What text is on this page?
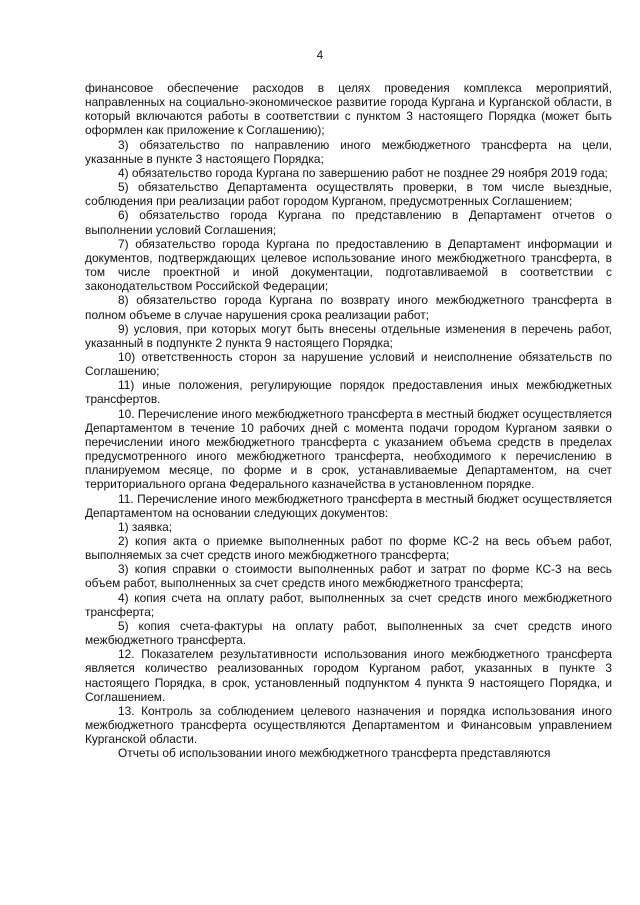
4

финансовое обеспечение расходов в целях проведения комплекса мероприятий, направленных на социально-экономическое развитие города Кургана и Курганской области, в который включаются работы в соответствии с пунктом 3 настоящего Порядка (может быть оформлен как приложение к Соглашению);

3) обязательство по направлению иного межбюджетного трансферта на цели, указанные в пункте 3 настоящего Порядка;

4) обязательство города Кургана по завершению работ не позднее 29 ноября 2019 года;

5) обязательство Департамента осуществлять проверки, в том числе выездные, соблюдения при реализации работ городом Курганом, предусмотренных Соглашением;

6) обязательство города Кургана по представлению в Департамент отчетов о выполнении условий Соглашения;

7) обязательство города Кургана по предоставлению в Департамент информации и документов, подтверждающих целевое использование иного межбюджетного трансферта, в том числе проектной и иной документации, подготавливаемой в соответствии с законодательством Российской Федерации;

8) обязательство города Кургана по возврату иного межбюджетного трансферта в полном объеме в случае нарушения срока реализации работ;

9) условия, при которых могут быть внесены отдельные изменения в перечень работ, указанный в подпункте 2 пункта 9 настоящего Порядка;

10) ответственность сторон за нарушение условий и неисполнение обязательств по Соглашению;

11) иные положения, регулирующие порядок предоставления иных межбюджетных трансфертов.

10. Перечисление иного межбюджетного трансферта в местный бюджет осуществляется Департаментом в течение 10 рабочих дней с момента подачи городом Курганом заявки о перечислении иного межбюджетного трансферта с указанием объема средств в пределах предусмотренного иного межбюджетного трансферта, необходимого к перечислению в планируемом месяце, по форме и в срок, устанавливаемые Департаментом, на счет территориального органа Федерального казначейства в установленном порядке.

11. Перечисление иного межбюджетного трансферта в местный бюджет осуществляется Департаментом на основании следующих документов:

1) заявка;

2) копия акта о приемке выполненных работ по форме КС-2 на весь объем работ, выполняемых за счет средств иного межбюджетного трансферта;

3) копия справки о стоимости выполненных работ и затрат по форме КС-3 на весь объем работ, выполненных за счет средств иного межбюджетного трансферта;

4) копия счета на оплату работ, выполненных за счет средств иного межбюджетного трансферта;

5) копия счета-фактуры на оплату работ, выполненных за счет средств иного межбюджетного трансферта.

12. Показателем результативности использования иного межбюджетного трансферта является количество реализованных городом Курганом работ, указанных в пункте 3 настоящего Порядка, в срок, установленный подпунктом 4 пункта 9 настоящего Порядка, и Соглашением.

13. Контроль за соблюдением целевого назначения и порядка использования иного межбюджетного трансферта осуществляются Департаментом и Финансовым управлением Курганской области.

Отчеты об использовании иного межбюджетного трансферта представляются
